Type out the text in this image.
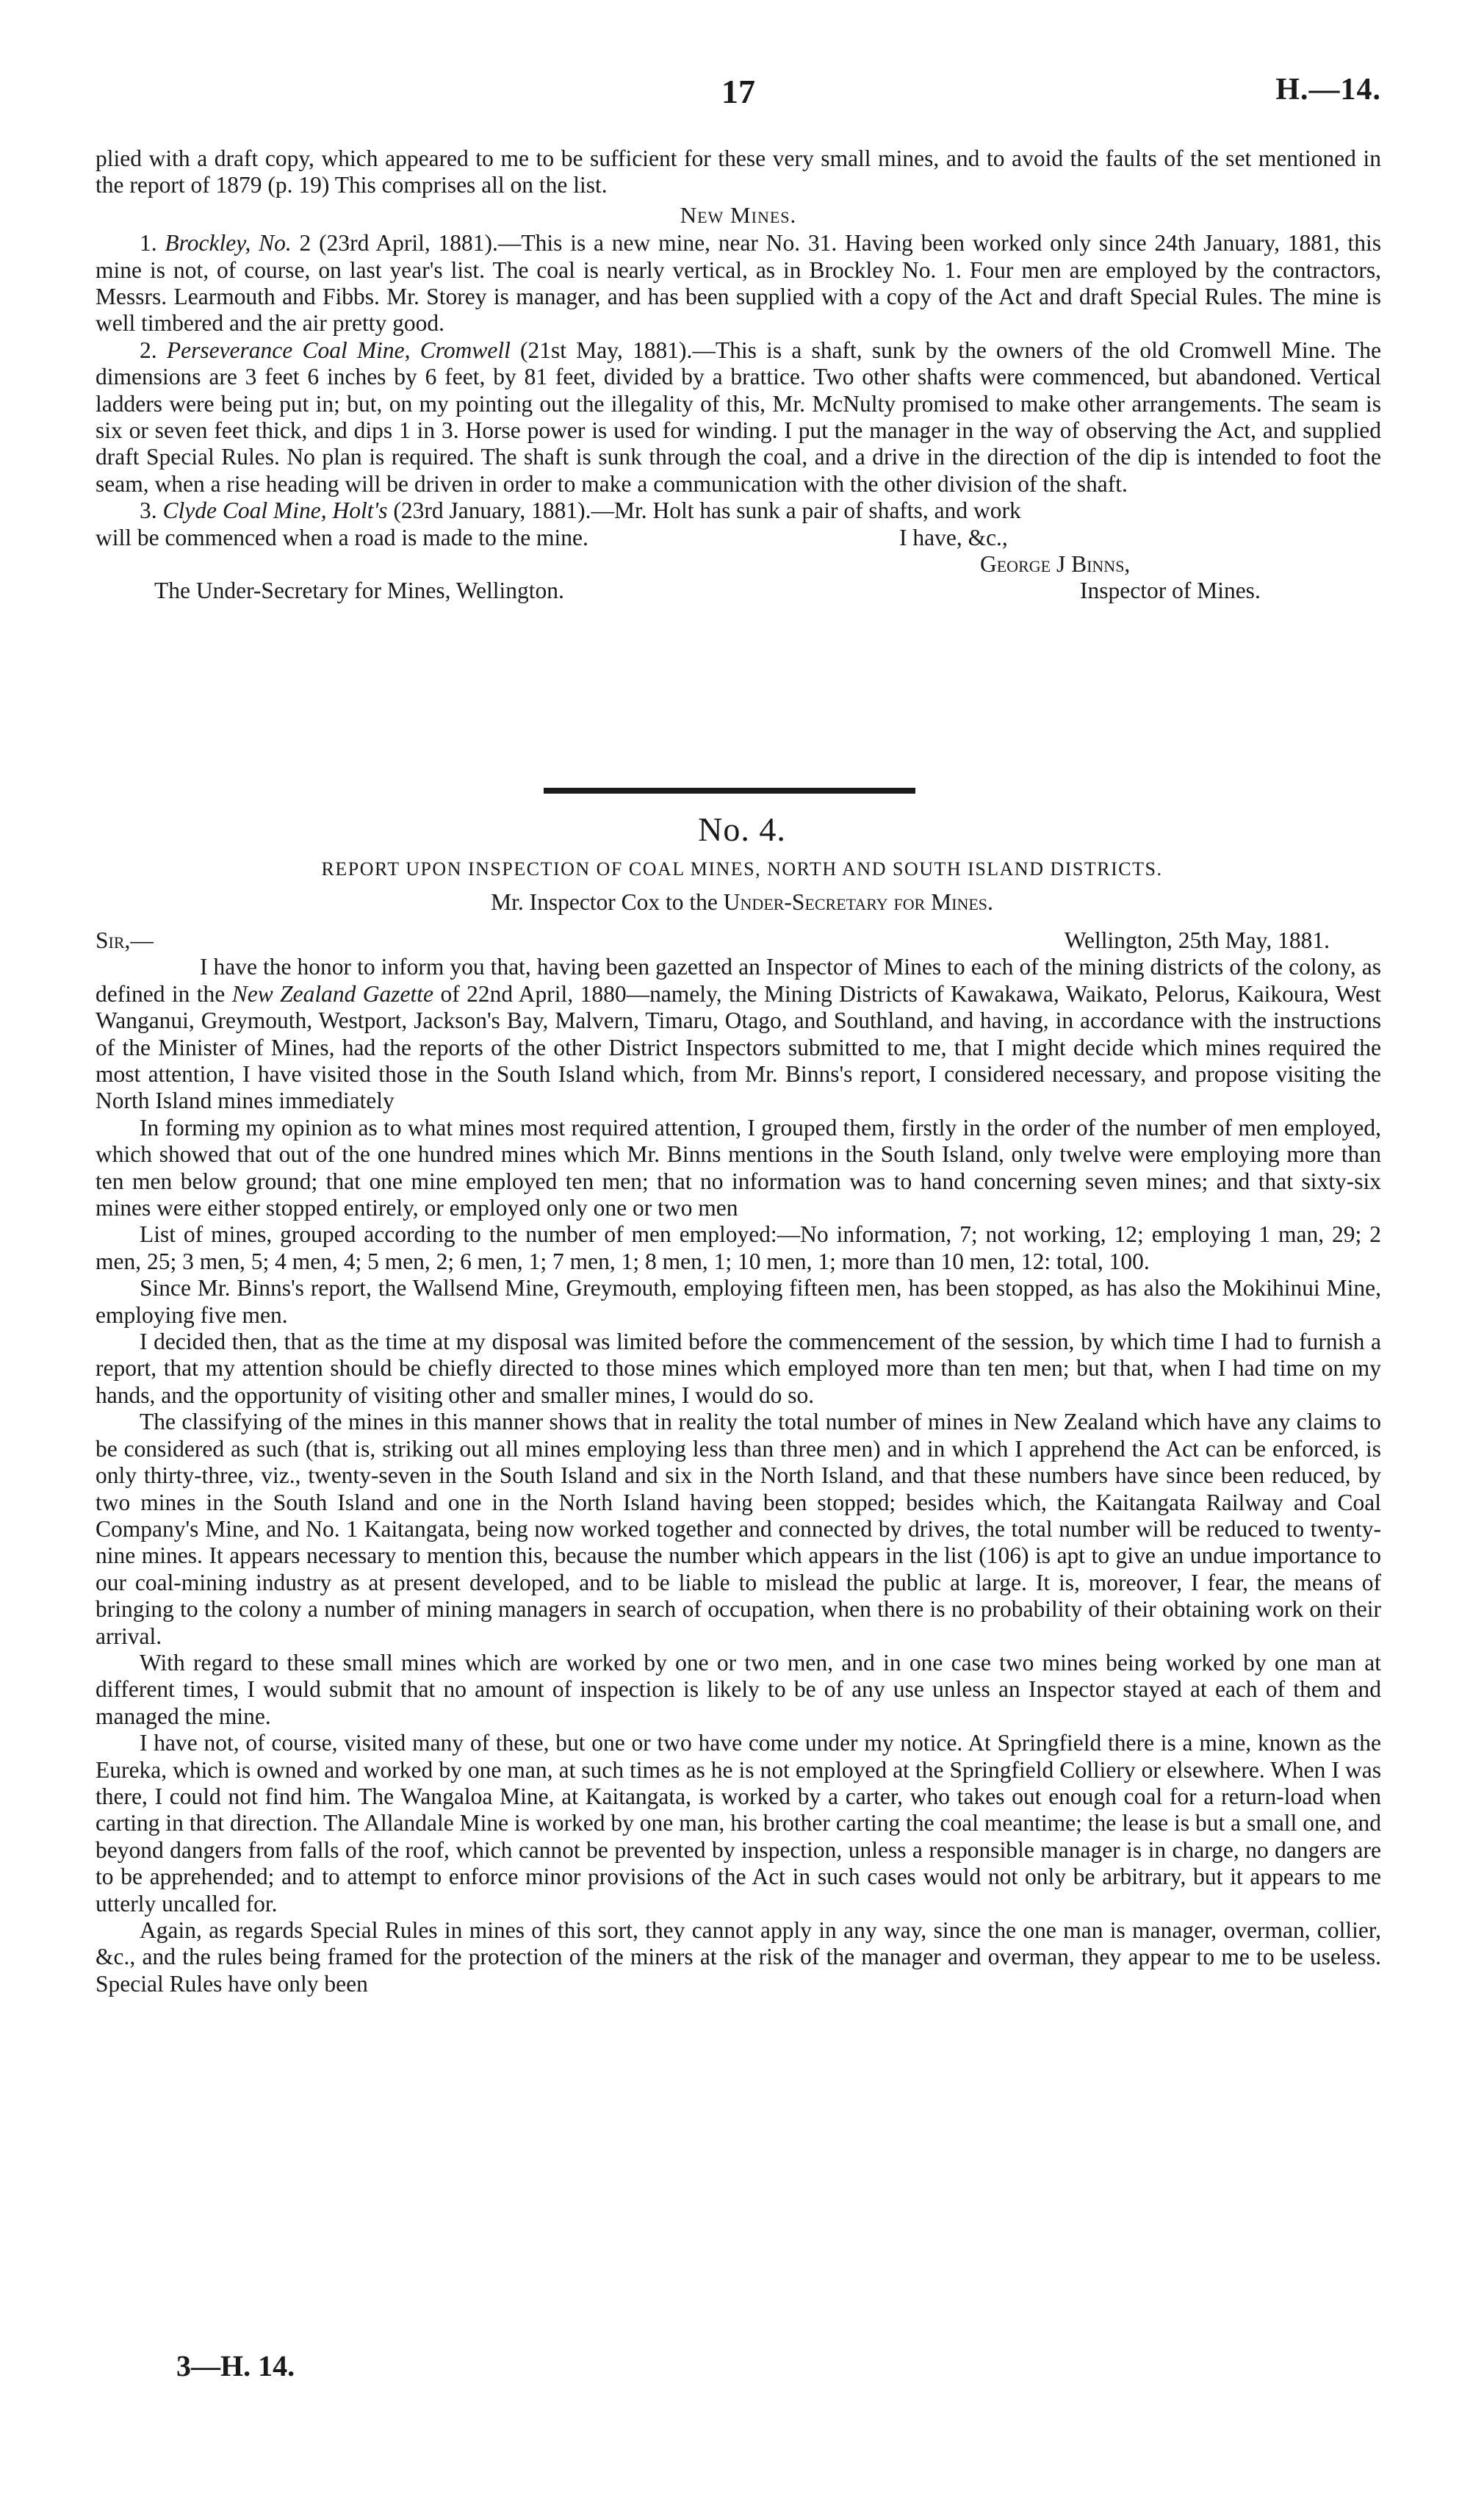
17	H.—14.

plied with a draft copy, which appeared to me to be sufficient for these very small mines, and to avoid the faults of the set mentioned in the report of 1879 (p. 19) This comprises all on the list.

New Mines.

1. Brockley, No. 2 (23rd April, 1881).—This is a new mine, near No. 31. Having been worked only since 24th January, 1881, this mine is not, of course, on last year's list. The coal is nearly vertical, as in Brockley No. 1. Four men are employed by the contractors, Messrs. Learmouth and Fibbs. Mr. Storey is manager, and has been supplied with a copy of the Act and draft Special Rules. The mine is well timbered and the air pretty good.

2. Perseverance Coal Mine, Cromwell (21st May, 1881).—This is a shaft, sunk by the owners of the old Cromwell Mine. The dimensions are 3 feet 6 inches by 6 feet, by 81 feet, divided by a brattice. Two other shafts were commenced, but abandoned. Vertical ladders were being put in; but, on my pointing out the illegality of this, Mr. McNulty promised to make other arrangements. The seam is six or seven feet thick, and dips 1 in 3. Horse power is used for winding. I put the manager in the way of observing the Act, and supplied draft Special Rules. No plan is required. The shaft is sunk through the coal, and a drive in the direction of the dip is intended to foot the seam, when a rise heading will be driven in order to make a communication with the other division of the shaft.

3. Clyde Coal Mine, Holt's (23rd January, 1881).—Mr. Holt has sunk a pair of shafts, and work

will be commenced when a road is made to the mine.	I have, &c.,
George J Binns,
The Under-Secretary for Mines, Wellington.	Inspector of Mines.
No. 4.
REPORT UPON INSPECTION OF COAL MINES, NORTH AND SOUTH ISLAND DISTRICTS.
Mr. Inspector Cox to the Under-Secretary for Mines.
Sir,—	Wellington, 25th May, 1881.

I have the honor to inform you that, having been gazetted an Inspector of Mines to each of the mining districts of the colony, as defined in the New Zealand Gazette of 22nd April, 1880—namely, the Mining Districts of Kawakawa, Waikato, Pelorus, Kaikoura, West Wanganui, Greymouth, Westport, Jackson's Bay, Malvern, Timaru, Otago, and Southland, and having, in accordance with the instructions of the Minister of Mines, had the reports of the other District Inspectors submitted to me, that I might decide which mines required the most attention, I have visited those in the South Island which, from Mr. Binns's report, I considered necessary, and propose visiting the North Island mines immediately

In forming my opinion as to what mines most required attention, I grouped them, firstly in the order of the number of men employed, which showed that out of the one hundred mines which Mr. Binns mentions in the South Island, only twelve were employing more than ten men below ground; that one mine employed ten men; that no information was to hand concerning seven mines; and that sixty-six mines were either stopped entirely, or employed only one or two men

List of mines, grouped according to the number of men employed:—No information, 7; not working, 12; employing 1 man, 29; 2 men, 25; 3 men, 5; 4 men, 4; 5 men, 2; 6 men, 1; 7 men, 1; 8 men, 1; 10 men, 1; more than 10 men, 12: total, 100.

Since Mr. Binns's report, the Wallsend Mine, Greymouth, employing fifteen men, has been stopped, as has also the Mokihinui Mine, employing five men.

I decided then, that as the time at my disposal was limited before the commencement of the session, by which time I had to furnish a report, that my attention should be chiefly directed to those mines which employed more than ten men; but that, when I had time on my hands, and the opportunity of visiting other and smaller mines, I would do so.

The classifying of the mines in this manner shows that in reality the total number of mines in New Zealand which have any claims to be considered as such (that is, striking out all mines employing less than three men) and in which I apprehend the Act can be enforced, is only thirty-three, viz., twenty-seven in the South Island and six in the North Island, and that these numbers have since been reduced, by two mines in the South Island and one in the North Island having been stopped; besides which, the Kaitangata Railway and Coal Company's Mine, and No. 1 Kaitangata, being now worked together and connected by drives, the total number will be reduced to twenty-nine mines. It appears necessary to mention this, because the number which appears in the list (106) is apt to give an undue importance to our coal-mining industry as at present developed, and to be liable to mislead the public at large. It is, moreover, I fear, the means of bringing to the colony a number of mining managers in search of occupation, when there is no probability of their obtaining work on their arrival.

With regard to these small mines which are worked by one or two men, and in one case two mines being worked by one man at different times, I would submit that no amount of inspection is likely to be of any use unless an Inspector stayed at each of them and managed the mine.

I have not, of course, visited many of these, but one or two have come under my notice. At Springfield there is a mine, known as the Eureka, which is owned and worked by one man, at such times as he is not employed at the Springfield Colliery or elsewhere. When I was there, I could not find him. The Wangaloa Mine, at Kaitangata, is worked by a carter, who takes out enough coal for a return-load when carting in that direction. The Allandale Mine is worked by one man, his brother carting the coal meantime; the lease is but a small one, and beyond dangers from falls of the roof, which cannot be prevented by inspection, unless a responsible manager is in charge, no dangers are to be apprehended; and to attempt to enforce minor provisions of the Act in such cases would not only be arbitrary, but it appears to me utterly uncalled for.

Again, as regards Special Rules in mines of this sort, they cannot apply in any way, since the one man is manager, overman, collier, &c., and the rules being framed for the protection of the miners at the risk of the manager and overman, they appear to me to be useless. Special Rules have only been

3—H. 14.
